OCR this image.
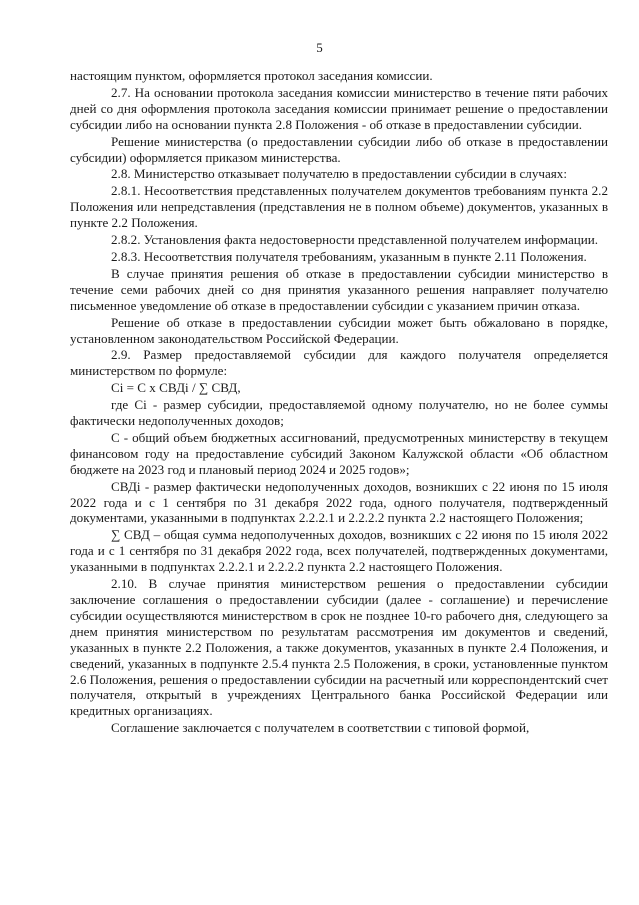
5

настоящим пунктом, оформляется протокол заседания комиссии.

2.7. На основании протокола заседания комиссии министерство в течение пяти рабочих дней со дня оформления протокола заседания комиссии принимает решение о предоставлении субсидии либо на основании пункта 2.8 Положения - об отказе в предоставлении субсидии.

Решение министерства (о предоставлении субсидии либо об отказе в предоставлении субсидии) оформляется приказом министерства.

2.8. Министерство отказывает получателю в предоставлении субсидии в случаях:

2.8.1. Несоответствия представленных получателем документов требованиям пункта 2.2 Положения или непредставления (представления не в полном объеме) документов, указанных в пункте 2.2 Положения.

2.8.2. Установления факта недостоверности представленной получателем информации.

2.8.3. Несоответствия получателя требованиям, указанным в пункте 2.11 Положения.

В случае принятия решения об отказе в предоставлении субсидии министерство в течение семи рабочих дней со дня принятия указанного решения направляет получателю письменное уведомление об отказе в предоставлении субсидии с указанием причин отказа.

Решение об отказе в предоставлении субсидии может быть обжаловано в порядке, установленном законодательством Российской Федерации.

2.9. Размер предоставляемой субсидии для каждого получателя определяется министерством по формуле:

Ci = C x СВДi / ∑ СВД,

где Ci - размер субсидии, предоставляемой одному получателю, но не более суммы фактически недополученных доходов;

С - общий объем бюджетных ассигнований, предусмотренных министерству в текущем финансовом году на предоставление субсидий Законом Калужской области «Об областном бюджете на 2023 год и плановый период 2024 и 2025 годов»;

СВДi - размер фактически недополученных доходов, возникших с 22 июня по 15 июля 2022 года и с 1 сентября по 31 декабря 2022 года, одного получателя, подтвержденный документами, указанными в подпунктах 2.2.2.1 и 2.2.2.2 пункта 2.2 настоящего Положения;

∑ СВД – общая сумма недополученных доходов, возникших с 22 июня по 15 июля 2022 года и с 1 сентября по 31 декабря 2022 года, всех получателей, подтвержденных документами, указанными в подпунктах 2.2.2.1 и 2.2.2.2 пункта 2.2 настоящего Положения.

2.10. В случае принятия министерством решения о предоставлении субсидии заключение соглашения о предоставлении субсидии (далее - соглашение) и перечисление субсидии осуществляются министерством в срок не позднее 10-го рабочего дня, следующего за днем принятия министерством по результатам рассмотрения им документов и сведений, указанных в пункте 2.2 Положения, а также документов, указанных в пункте 2.4 Положения, и сведений, указанных в подпункте 2.5.4 пункта 2.5 Положения, в сроки, установленные пунктом 2.6 Положения, решения о предоставлении субсидии на расчетный или корреспондентский счет получателя, открытый в учреждениях Центрального банка Российской Федерации или кредитных организациях.

Соглашение заключается с получателем в соответствии с типовой формой,
